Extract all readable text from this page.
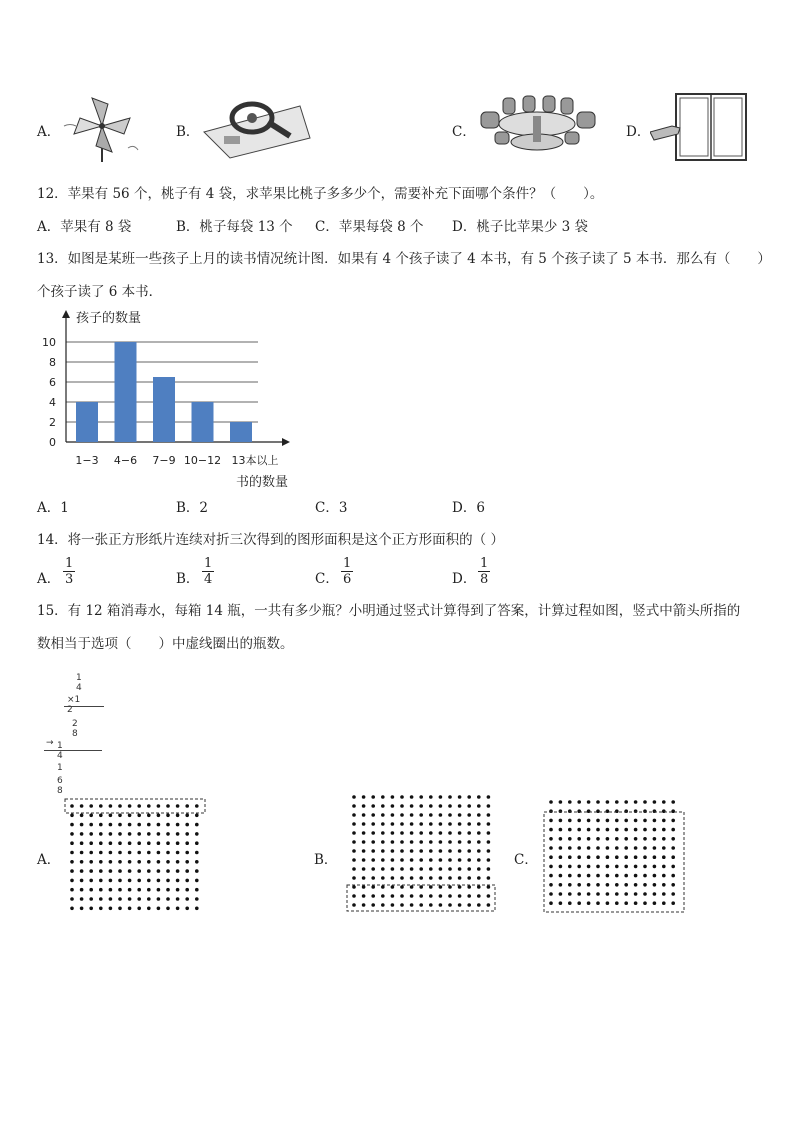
A．	B．	C．	D．
12．苹果有 56 个，桃子有 4 袋，求苹果比桃子多多少个，需要补充下面哪个条件？（　　）。
A．苹果有 8 袋	B．桃子每袋 13 个 C．苹果每袋 8 个 D．桃子比苹果少 3 袋
13．如图是某班一些孩子上月的读书情况统计图．如果有 4 个孩子读了 4 本书，有 5 个孩子读了 5 本书．那么有（　　）
个孩子读了 6 本书．
0
2
4
6
8
10
孩子的数量
书的数量
1−3 4−6 7−9 10−12 13本以上
A．1	B．2	C．3	D．6
14．将一张正方形纸片连续对折三次得到的图形面积是这个正方形面积的（ ）
A． $\frac{1}{3}$	B． $\frac{1}{4}$	C． $\frac{1}{6}$	D． $\frac{1}{8}$
15．有 12 箱消毒水，每箱 14 瓶，一共有多少瓶？小明通过竖式计算得到了答案，计算过程如图，竖式中箭头所指的
数相当于选项（　　）中虚线圈出的瓶数。
1　4
×1　2
2　8
→ 1　　4
1　6　8
A．	B．	C．
